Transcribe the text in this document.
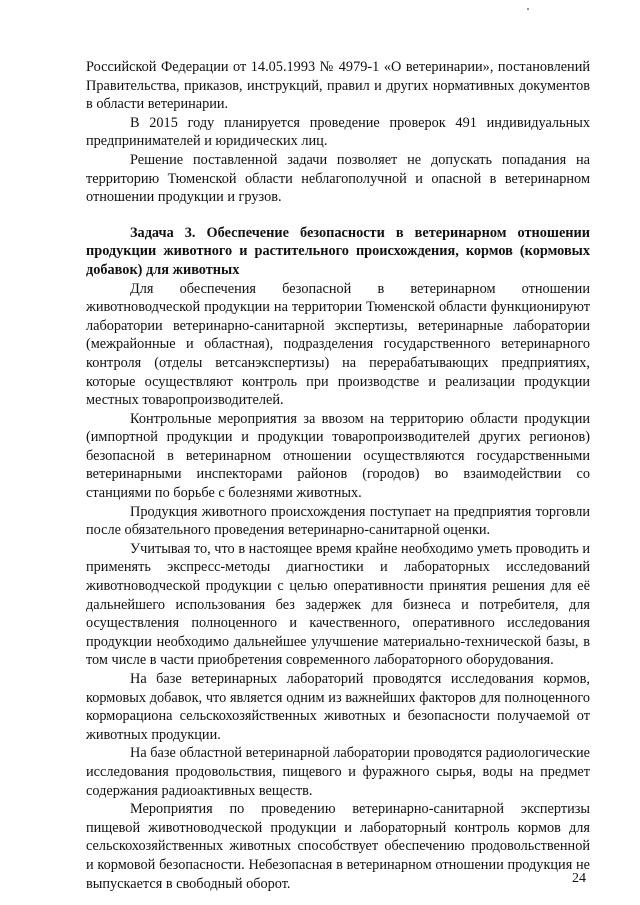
Российской Федерации от 14.05.1993 № 4979-1 «О ветеринарии», постановлений Правительства, приказов, инструкций, правил и других нормативных документов в области ветеринарии.

В 2015 году планируется проведение проверок 491 индивидуальных предпринимателей и юридических лиц.

Решение поставленной задачи позволяет не допускать попадания на территорию Тюменской области неблагополучной и опасной в ветеринарном отношении продукции и грузов.

Задача 3. Обеспечение безопасности в ветеринарном отношении продукции животного и растительного происхождения, кормов (кормовых добавок) для животных

Для обеспечения безопасной в ветеринарном отношении животноводческой продукции на территории Тюменской области функционируют лаборатории ветеринарно-санитарной экспертизы, ветеринарные лаборатории (межрайонные и областная), подразделения государственного ветеринарного контроля (отделы ветсанэкспертизы) на перерабатывающих предприятиях, которые осуществляют контроль при производстве и реализации продукции местных товаропроизводителей.

Контрольные мероприятия за ввозом на территорию области продукции (импортной продукции и продукции товаропроизводителей других регионов) безопасной в ветеринарном отношении осуществляются государственными ветеринарными инспекторами районов (городов) во взаимодействии со станциями по борьбе с болезнями животных.

Продукция животного происхождения поступает на предприятия торговли после обязательного проведения ветеринарно-санитарной оценки.

Учитывая то, что в настоящее время крайне необходимо уметь проводить и применять экспресс-методы диагностики и лабораторных исследований животноводческой продукции с целью оперативности принятия решения для её дальнейшего использования без задержек для бизнеса и потребителя, для осуществления полноценного и качественного, оперативного исследования продукции необходимо дальнейшее улучшение материально-технической базы, в том числе в части приобретения современного лабораторного оборудования.

На базе ветеринарных лабораторий проводятся исследования кормов, кормовых добавок, что является одним из важнейших факторов для полноценного корморациона сельскохозяйственных животных и безопасности получаемой от животных продукции.

На базе областной ветеринарной лаборатории проводятся радиологические исследования продовольствия, пищевого и фуражного сырья, воды на предмет содержания радиоактивных веществ.

Мероприятия по проведению ветеринарно-санитарной экспертизы пищевой животноводческой продукции и лабораторный контроль кормов для сельскохозяйственных животных способствует обеспечению продовольственной и кормовой безопасности. Небезопасная в ветеринарном отношении продукция не выпускается в свободный оборот.	24
